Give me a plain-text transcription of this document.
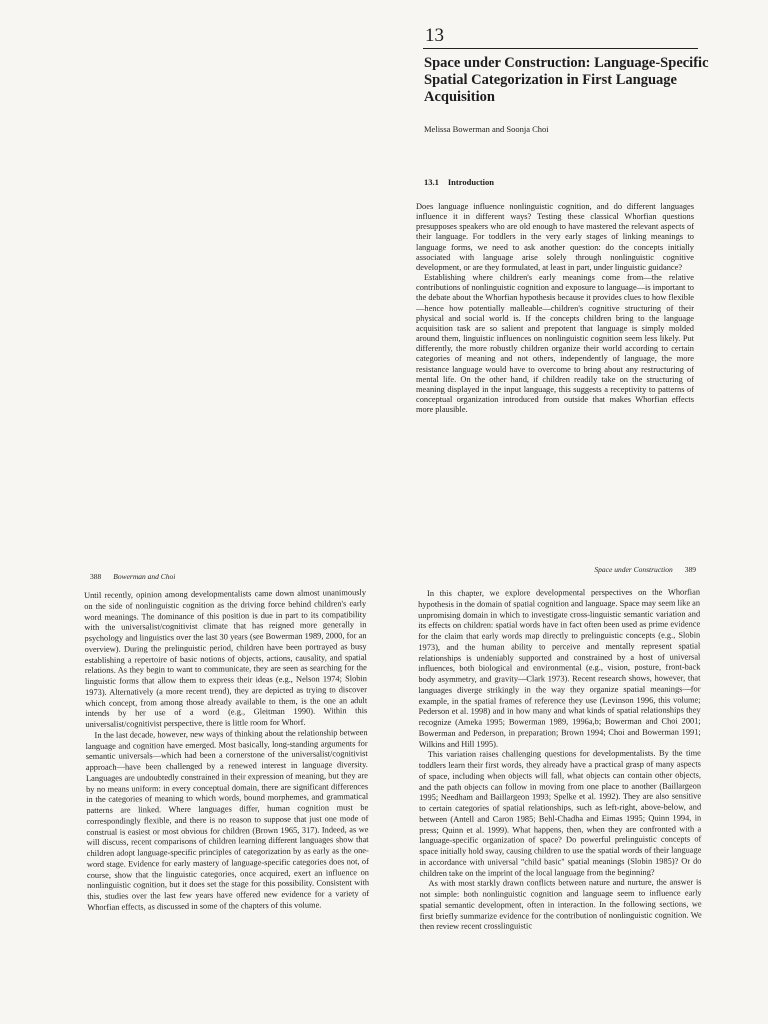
13
Space under Construction: Language-Specific Spatial Categorization in First Language Acquisition
Melissa Bowerman and Soonja Choi
13.1 Introduction

Does language influence nonlinguistic cognition, and do different languages influence it in different ways? Testing these classical Whorfian questions presupposes speakers who are old enough to have mastered the relevant aspects of their language. For toddlers in the very early stages of linking meanings to language forms, we need to ask another question: do the concepts initially associated with language arise solely through nonlinguistic cognitive development, or are they formulated, at least in part, under linguistic guidance?

Establishing where children's early meanings come from—the relative contributions of nonlinguistic cognition and exposure to language—is important to the debate about the Whorfian hypothesis because it provides clues to how flexible—hence how potentially malleable—children's cognitive structuring of their physical and social world is. If the concepts children bring to the language acquisition task are so salient and prepotent that language is simply molded around them, linguistic influences on nonlinguistic cognition seem less likely. Put differently, the more robustly children organize their world according to certain categories of meaning and not others, independently of language, the more resistance language would have to overcome to bring about any restructuring of mental life. On the other hand, if children readily take on the structuring of meaning displayed in the input language, this suggests a receptivity to patterns of conceptual organization introduced from outside that makes Whorfian effects more plausible.

388 Bowerman and Choi

Until recently, opinion among developmentalists came down almost unanimously on the side of nonlinguistic cognition as the driving force behind children's early word meanings. The dominance of this position is due in part to its compatibility with the universalist/cognitivist climate that has reigned more generally in psychology and linguistics over the last 30 years (see Bowerman 1989, 2000, for an overview). During the prelinguistic period, children have been portrayed as busy establishing a repertoire of basic notions of objects, actions, causality, and spatial relations. As they begin to want to communicate, they are seen as searching for the linguistic forms that allow them to express their ideas (e.g., Nelson 1974; Slobin 1973). Alternatively (a more recent trend), they are depicted as trying to discover which concept, from among those already available to them, is the one an adult intends by her use of a word (e.g., Gleitman 1990). Within this universalist/cognitivist perspective, there is little room for Whorf.

In the last decade, however, new ways of thinking about the relationship between language and cognition have emerged. Most basically, long-standing arguments for semantic universals—which had been a cornerstone of the universalist/cognitivist approach—have been challenged by a renewed interest in language diversity. Languages are undoubtedly constrained in their expression of meaning, but they are by no means uniform: in every conceptual domain, there are significant differences in the categories of meaning to which words, bound morphemes, and grammatical patterns are linked. Where languages differ, human cognition must be correspondingly flexible, and there is no reason to suppose that just one mode of construal is easiest or most obvious for children (Brown 1965, 317). Indeed, as we will discuss, recent comparisons of children learning different languages show that children adopt language-specific principles of categorization by as early as the one-word stage. Evidence for early mastery of language-specific categories does not, of course, show that the linguistic categories, once acquired, exert an influence on nonlinguistic cognition, but it does set the stage for this possibility. Consistent with this, studies over the last few years have offered new evidence for a variety of Whorfian effects, as discussed in some of the chapters of this volume.

Space under Construction 389

In this chapter, we explore developmental perspectives on the Whorfian hypothesis in the domain of spatial cognition and language. Space may seem like an unpromising domain in which to investigate cross-linguistic semantic variation and its effects on children: spatial words have in fact often been used as prime evidence for the claim that early words map directly to prelinguistic concepts (e.g., Slobin 1973), and the human ability to perceive and mentally represent spatial relationships is undeniably supported and constrained by a host of universal influences, both biological and environmental (e.g., vision, posture, front-back body asymmetry, and gravity—Clark 1973). Recent research shows, however, that languages diverge strikingly in the way they organize spatial meanings—for example, in the spatial frames of reference they use (Levinson 1996, this volume; Pederson et al. 1998) and in how many and what kinds of spatial relationships they recognize (Ameka 1995; Bowerman 1989, 1996a,b; Bowerman and Choi 2001; Bowerman and Pederson, in preparation; Brown 1994; Choi and Bowerman 1991; Wilkins and Hill 1995).

This variation raises challenging questions for developmentalists. By the time toddlers learn their first words, they already have a practical grasp of many aspects of space, including when objects will fall, what objects can contain other objects, and the path objects can follow in moving from one place to another (Baillargeon 1995; Needham and Baillargeon 1993; Spelke et al. 1992). They are also sensitive to certain categories of spatial relationships, such as left-right, above-below, and between (Antell and Caron 1985; Behl-Chadha and Eimas 1995; Quinn 1994, in press; Quinn et al. 1999). What happens, then, when they are confronted with a language-specific organization of space? Do powerful prelinguistic concepts of space initially hold sway, causing children to use the spatial words of their language in accordance with universal "child basic" spatial meanings (Slobin 1985)? Or do children take on the imprint of the local language from the beginning?

As with most starkly drawn conflicts between nature and nurture, the answer is not simple: both nonlinguistic cognition and language seem to influence early spatial semantic development, often in interaction. In the following sections, we first briefly summarize evidence for the contribution of nonlinguistic cognition. We then review recent crosslinguistic
